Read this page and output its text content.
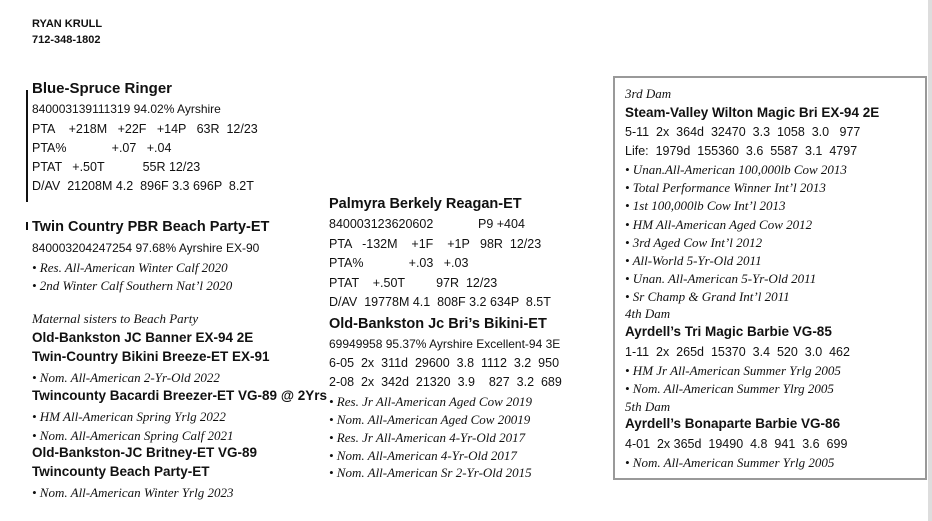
RYAN KRULL
712-348-1802
Blue-Spruce Ringer
840003139111319 94.02% Ayrshire
PTA    +218M   +22F   +14P   63R  12/23
PTA%             +.07   +.04
PTAT   +.50T           55R 12/23
D/AV  21208M 4.2  896F 3.3 696P  8.2T
Twin Country PBR Beach Party-ET
840003204247254 97.68% Ayrshire EX-90
• Res. All-American Winter Calf 2020
• 2nd Winter Calf Southern Nat’l 2020
Maternal sisters to Beach Party
Old-Bankston JC Banner EX-94 2E
Twin-Country Bikini Breeze-ET EX-91
• Nom. All-American 2-Yr-Old 2022
Twincounty Bacardi Breezer-ET VG-89 @ 2Yrs
• HM All-American Spring Yrlg 2022
• Nom. All-American Spring Calf 2021
Old-Bankston-JC Britney-ET VG-89
Twincounty Beach Party-ET
• Nom. All-American Winter Yrlg 2023
Palmyra Berkely Reagan-ET
840003123620602	P9 +404
PTA   -132M    +1F    +1P   98R  12/23
PTA%             +.03   +.03
PTAT    +.50T         97R  12/23
D/AV  19778M 4.1  808F 3.2 634P  8.5T
Old-Bankston Jc Bri’s Bikini-ET
69949958 95.37% Ayrshire Excellent-94 3E
6-05  2x  311d  29600  3.8  1112  3.2  950
2-08  2x  342d  21320  3.9    827  3.2  689
• Res. Jr All-American Aged Cow 2019
• Nom. All-American Aged Cow 20019
• Res. Jr All-American 4-Yr-Old 2017
• Nom. All-American 4-Yr-Old 2017
• Nom. All-American Sr 2-Yr-Old 2015
3rd Dam
Steam-Valley Wilton Magic Bri EX-94 2E
5-11  2x  364d  32470  3.3  1058  3.0   977
Life:  1979d  155360  3.6  5587  3.1  4797
• Unan.All-American 100,000lb Cow 2013
• Total Performance Winner Int’l 2013
• 1st 100,000lb Cow Int’l 2013
• HM All-American Aged Cow 2012
• 3rd Aged Cow Int’l 2012
• All-World 5-Yr-Old 2011
• Unan. All-American 5-Yr-Old 2011
• Sr Champ & Grand Int’l 2011
4th Dam
Ayrdell’s Tri Magic Barbie VG-85
1-11  2x  265d  15370  3.4  520  3.0  462
• HM Jr All-American Summer Yrlg 2005
• Nom. All-American Summer Ylrg 2005
5th Dam
Ayrdell’s Bonaparte Barbie VG-86
4-01  2x 365d  19490  4.8  941  3.6  699
• Nom. All-American Summer Yrlg 2005
